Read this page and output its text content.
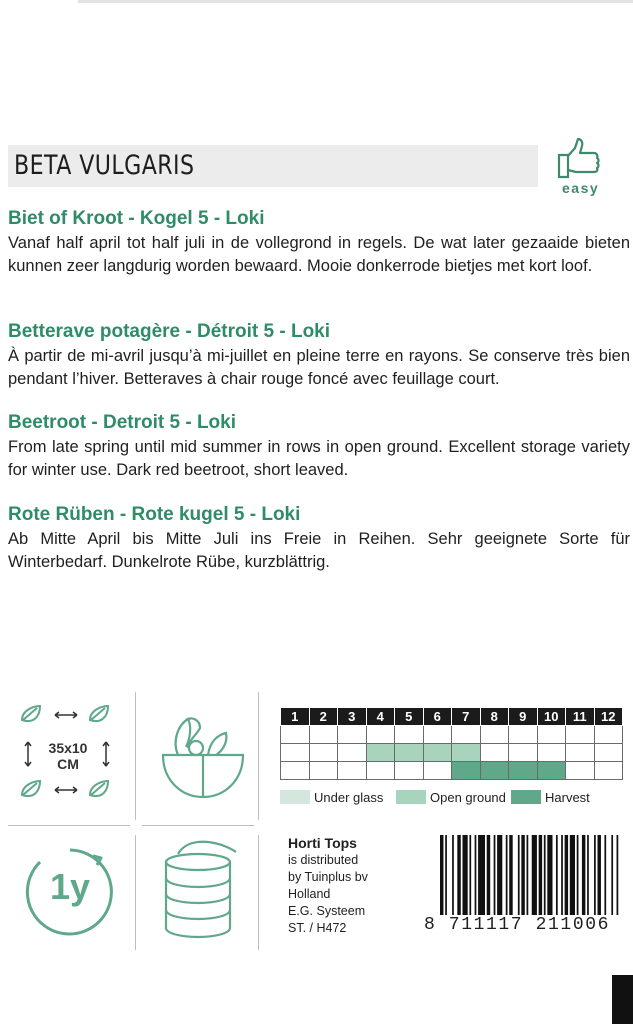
BETA VULGARIS
easy
Biet of Kroot - Kogel 5 - Loki

Vanaf half april tot half juli in de vollegrond in regels. De wat later gezaaide bieten kunnen zeer langdurig worden bewaard. Mooie donkerrode bietjes met kort loof.

Betterave potagère - Détroit 5 - Loki

À partir de mi-avril jusqu’à mi-juillet en pleine terre en rayons. Se conserve très bien pendant l’hiver. Betteraves à chair rouge foncé avec feuillage court.

Beetroot - Detroit 5 - Loki

From late spring until mid summer in rows in open ground. Excellent storage variety for winter use. Dark red beetroot, short leaved.

Rote Rüben - Rote kugel 5 - Loki

Ab Mitte April bis Mitte Juli ins Freie in Reihen. Sehr geeignete Sorte für Winterbedarf. Dunkelrote Rübe, kurzblättrig.

35x10
CM
1y
1	2	3	4	5	6	7	8	9	10	11	12

Under glass	Open ground	Harvest
Horti Tops
is distributed
by Tuinplus bv
Holland
E.G. Systeem
ST. / H472	8 711117 211006
